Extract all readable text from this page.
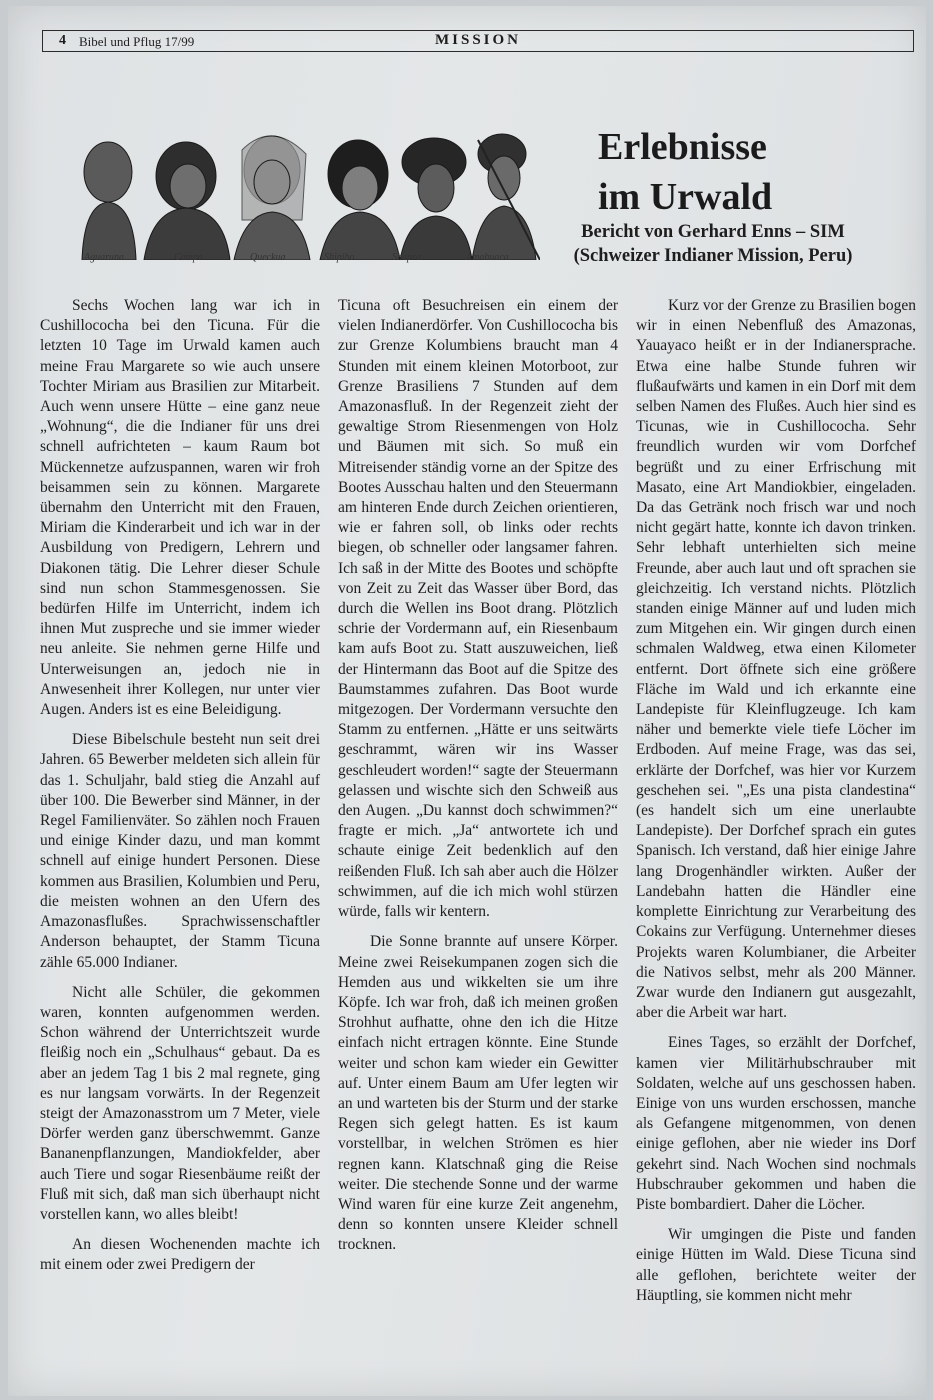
4 Bibel und Pflug 17/99	MISSION
Aguaruna	Campa	Queckua	Shipibo	Shapra	Amahuaca
Erlebnisse
im Urwald
Bericht von Gerhard Enns – SIM
(Schweizer Indianer Mission, Peru)

Sechs Wochen lang war ich in Cushillococha bei den Ticuna. Für die letzten 10 Tage im Urwald kamen auch meine Frau Margarete so wie auch unsere Tochter Miriam aus Brasilien zur Mitarbeit. Auch wenn unsere Hütte – eine ganz neue „Wohnung“, die die Indianer für uns drei schnell aufrichteten – kaum Raum bot Mückennetze aufzuspannen, waren wir froh beisammen sein zu können. Margarete übernahm den Unterricht mit den Frauen, Miriam die Kinderarbeit und ich war in der Ausbildung von Predigern, Lehrern und Diakonen tätig. Die Lehrer dieser Schule sind nun schon Stammesgenossen. Sie bedürfen Hilfe im Unterricht, indem ich ihnen Mut zuspreche und sie immer wieder neu anleite. Sie nehmen gerne Hilfe und Unterweisungen an, jedoch nie in Anwesenheit ihrer Kollegen, nur unter vier Augen. Anders ist es eine Beleidigung.

Diese Bibelschule besteht nun seit drei Jahren. 65 Bewerber meldeten sich allein für das 1. Schuljahr, bald stieg die Anzahl auf über 100. Die Bewerber sind Männer, in der Regel Familienväter. So zählen noch Frauen und einige Kinder dazu, und man kommt schnell auf einige hundert Personen. Diese kommen aus Brasilien, Kolumbien und Peru, die meisten wohnen an den Ufern des Amazonasflußes. Sprachwissenschaftler Anderson behauptet, der Stamm Ticuna zähle 65.000 Indianer.

Nicht alle Schüler, die gekommen waren, konnten aufgenommen werden. Schon während der Unterrichtszeit wurde fleißig noch ein „Schulhaus“ gebaut. Da es aber an jedem Tag 1 bis 2 mal regnete, ging es nur langsam vorwärts. In der Regenzeit steigt der Amazonasstrom um 7 Meter, viele Dörfer werden ganz überschwemmt. Ganze Bananenpflanzungen, Mandiokfelder, aber auch Tiere und sogar Riesenbäume reißt der Fluß mit sich, daß man sich überhaupt nicht vorstellen kann, wo alles bleibt!

An diesen Wochenenden machte ich mit einem oder zwei Predigern der

Ticuna oft Besuchreisen ein einem der vielen Indianerdörfer. Von Cushillococha bis zur Grenze Kolumbiens braucht man 4 Stunden mit einem kleinen Motorboot, zur Grenze Brasiliens 7 Stunden auf dem Amazonasfluß. In der Regenzeit zieht der gewaltige Strom Riesenmengen von Holz und Bäumen mit sich. So muß ein Mitreisender ständig vorne an der Spitze des Bootes Ausschau halten und den Steuermann am hinteren Ende durch Zeichen orientieren, wie er fahren soll, ob links oder rechts biegen, ob schneller oder langsamer fahren. Ich saß in der Mitte des Bootes und schöpfte von Zeit zu Zeit das Wasser über Bord, das durch die Wellen ins Boot drang. Plötzlich schrie der Vordermann auf, ein Riesenbaum kam aufs Boot zu. Statt auszuweichen, ließ der Hintermann das Boot auf die Spitze des Baumstammes zufahren. Das Boot wurde mitgezogen. Der Vordermann versuchte den Stamm zu entfernen. „Hätte er uns seitwärts geschrammt, wären wir ins Wasser geschleudert worden!“ sagte der Steuermann gelassen und wischte sich den Schweiß aus den Augen. „Du kannst doch schwimmen?“ fragte er mich. „Ja“ antwortete ich und schaute einige Zeit bedenklich auf den reißenden Fluß. Ich sah aber auch die Hölzer schwimmen, auf die ich mich wohl stürzen würde, falls wir kentern.

Die Sonne brannte auf unsere Körper. Meine zwei Reisekumpanen zogen sich die Hemden aus und wikkelten sie um ihre Köpfe. Ich war froh, daß ich meinen großen Strohhut aufhatte, ohne den ich die Hitze einfach nicht ertragen könnte. Eine Stunde weiter und schon kam wieder ein Gewitter auf. Unter einem Baum am Ufer legten wir an und warteten bis der Sturm und der starke Regen sich gelegt hatten. Es ist kaum vorstellbar, in welchen Strömen es hier regnen kann. Klatschnaß ging die Reise weiter. Die stechende Sonne und der warme Wind waren für eine kurze Zeit angenehm, denn so konnten unsere Kleider schnell trocknen.

Kurz vor der Grenze zu Brasilien bogen wir in einen Nebenfluß des Amazonas, Yauayaco heißt er in der Indianersprache. Etwa eine halbe Stunde fuhren wir flußaufwärts und kamen in ein Dorf mit dem selben Namen des Flußes. Auch hier sind es Ticunas, wie in Cushillococha. Sehr freundlich wurden wir vom Dorfchef begrüßt und zu einer Erfrischung mit Masato, eine Art Mandiokbier, eingeladen. Da das Getränk noch frisch war und noch nicht gegärt hatte, konnte ich davon trinken. Sehr lebhaft unterhielten sich meine Freunde, aber auch laut und oft sprachen sie gleichzeitig. Ich verstand nichts. Plötzlich standen einige Männer auf und luden mich zum Mitgehen ein. Wir gingen durch einen schmalen Waldweg, etwa einen Kilometer entfernt. Dort öffnete sich eine größere Fläche im Wald und ich erkannte eine Landepiste für Kleinflugzeuge. Ich kam näher und bemerkte viele tiefe Löcher im Erdboden. Auf meine Frage, was das sei, erklärte der Dorfchef, was hier vor Kurzem geschehen sei. "„Es una pista clandestina“ (es handelt sich um eine unerlaubte Landepiste). Der Dorfchef sprach ein gutes Spanisch. Ich verstand, daß hier einige Jahre lang Drogenhändler wirkten. Außer der Landebahn hatten die Händler eine komplette Einrichtung zur Verarbeitung des Cokains zur Verfügung. Unternehmer dieses Projekts waren Kolumbianer, die Arbeiter die Nativos selbst, mehr als 200 Männer. Zwar wurde den Indianern gut ausgezahlt, aber die Arbeit war hart.

Eines Tages, so erzählt der Dorfchef, kamen vier Militärhubschrauber mit Soldaten, welche auf uns geschossen haben. Einige von uns wurden erschossen, manche als Gefangene mitgenommen, von denen einige geflohen, aber nie wieder ins Dorf gekehrt sind. Nach Wochen sind nochmals Hubschrauber gekommen und haben die Piste bombardiert. Daher die Löcher.

Wir umgingen die Piste und fanden einige Hütten im Wald. Diese Ticuna sind alle geflohen, berichtete weiter der Häuptling, sie kommen nicht mehr
